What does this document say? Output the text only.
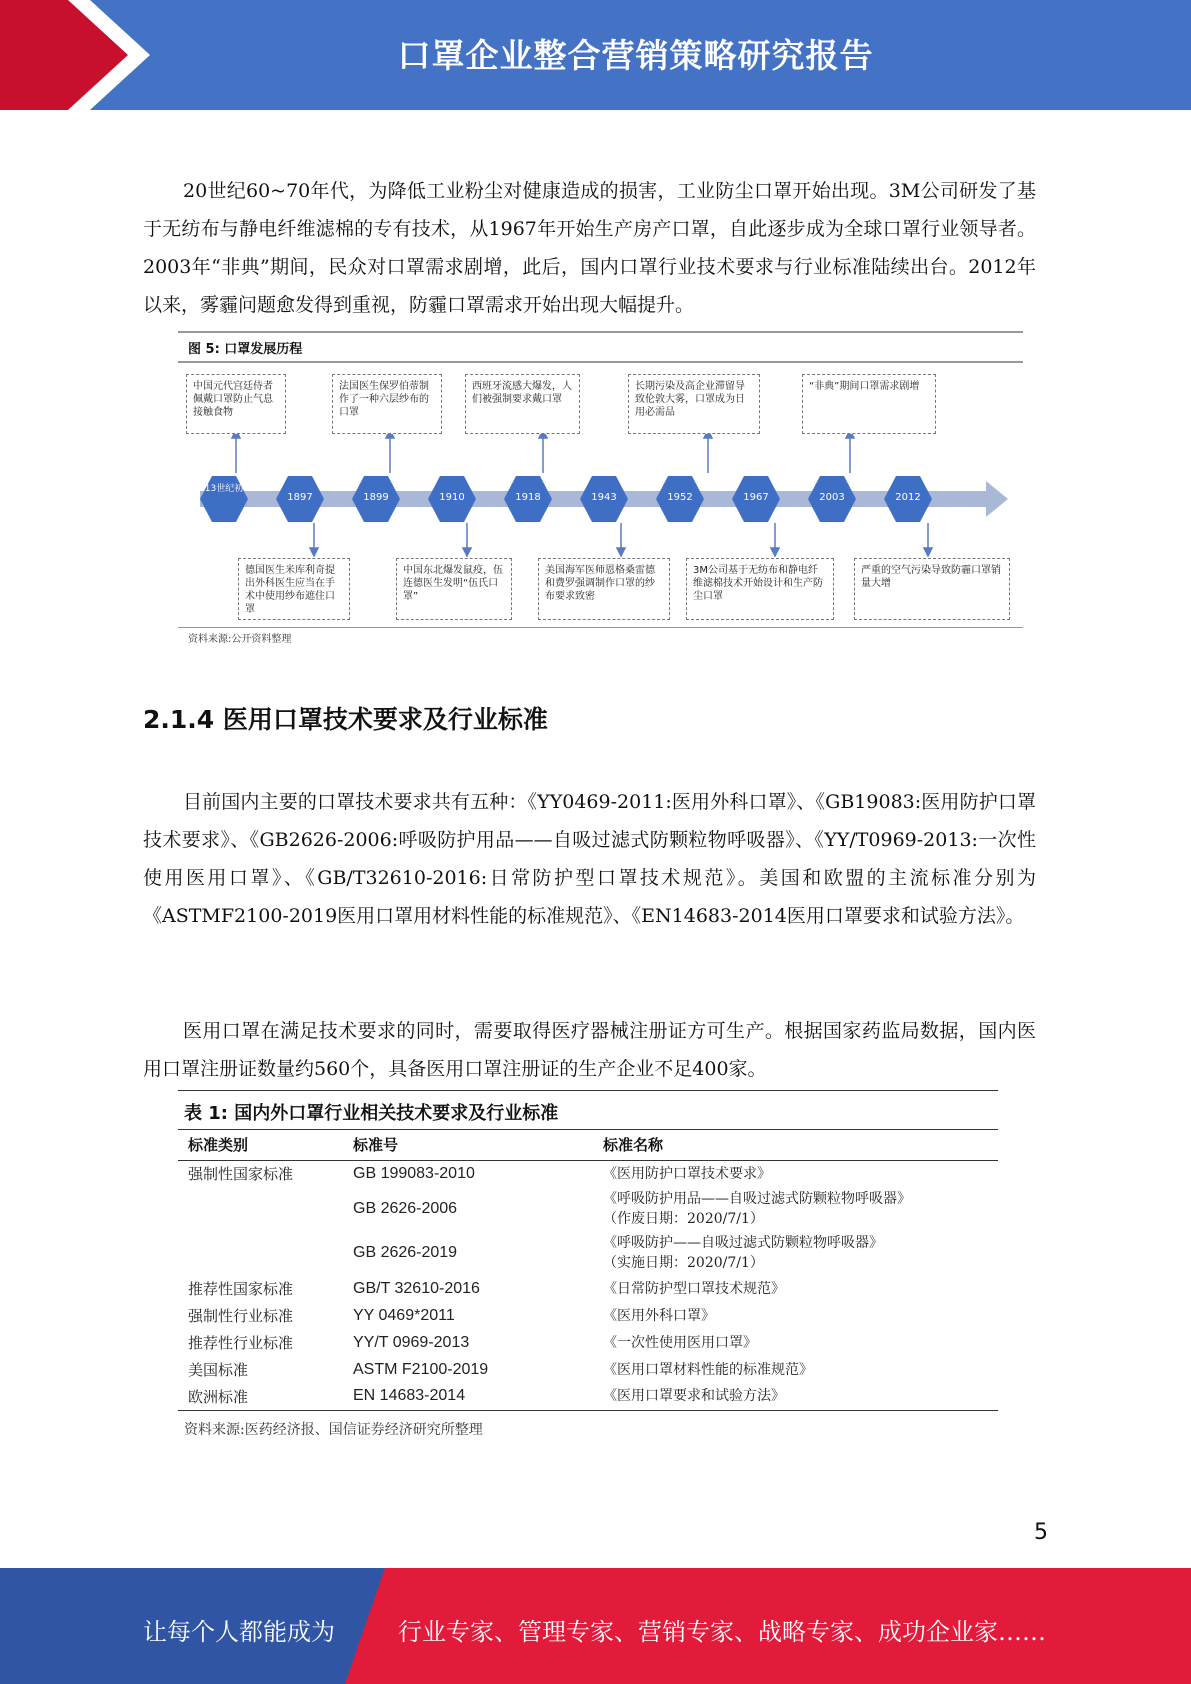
口罩企业整合营销策略研究报告

20世纪60~70年代，为降低工业粉尘对健康造成的损害，工业防尘口罩开始出现。3M公司研发了基于无纺布与静电纤维滤棉的专有技术，从1967年开始生产房产口罩，自此逐步成为全球口罩行业领导者。2003年“非典”期间，民众对口罩需求剧增，此后，国内口罩行业技术要求与行业标准陆续出台。2012年以来，雾霾问题愈发得到重视，防霾口罩需求开始出现大幅提升。

13世纪初
1897	1899	1910	1918	1943	1952	1967	2003	2012
图 5: 口罩发展历程
中国元代宫廷侍者佩戴口罩防止气息接触食物
法国医生保罗伯蒂制作了一种六层纱布的口罩
西班牙流感大爆发，人们被强制要求戴口罩
长期污染及高企业滞留导致伦敦大雾，口罩成为日用必需品
“非典”期间口罩需求剧增
德国医生米库利奇提出外科医生应当在手术中使用纱布遮住口罩
中国东北爆发鼠疫，伍连德医生发明“伍氏口罩”
美国海军医师恩格桑雷德和费罗强调制作口罩的纱布要求致密
3M公司基于无纺布和静电纤维滤棉技术开始设计和生产防尘口罩
严重的空气污染导致防霾口罩销量大增
资料来源:公开资料整理
2.1.4 医用口罩技术要求及行业标准

目前国内主要的口罩技术要求共有五种：《YY0469-2011:医用外科口罩》、《GB19083:医用防护口罩技术要求》、《GB2626-2006:呼吸防护用品——自吸过滤式防颗粒物呼吸器》、《YY/T0969-2013:一次性使用医用口罩》、《GB/T32610-2016:日常防护型口罩技术规范》。美国和欧盟的主流标准分别为《ASTMF2100-2019医用口罩用材料性能的标准规范》、《EN14683-2014医用口罩要求和试验方法》。

医用口罩在满足技术要求的同时，需要取得医疗器械注册证方可生产。根据国家药监局数据，国内医用口罩注册证数量约560个，具备医用口罩注册证的生产企业不足400家。

表 1: 国内外口罩行业相关技术要求及行业标准
标准类别	标准号	标准名称
强制性国家标准	GB 199083-2010	《医用防护口罩技术要求》
	GB 2626-2006	《呼吸防护用品——自吸过滤式防颗粒物呼吸器》
（作废日期：2020/7/1）
	GB 2626-2019	《呼吸防护——自吸过滤式防颗粒物呼吸器》
（实施日期：2020/7/1）
推荐性国家标准	GB/T 32610-2016	《日常防护型口罩技术规范》
强制性行业标准	YY 0469*2011	《医用外科口罩》
推荐性行业标准	YY/T 0969-2013	《一次性使用医用口罩》
美国标准	ASTM F2100-2019	《医用口罩材料性能的标准规范》
欧洲标准	EN 14683-2014	《医用口罩要求和试验方法》
资料来源:医药经济报、国信证券经济研究所整理
5
让每个人都能成为	行业专家、管理专家、营销专家、战略专家、成功企业家……
